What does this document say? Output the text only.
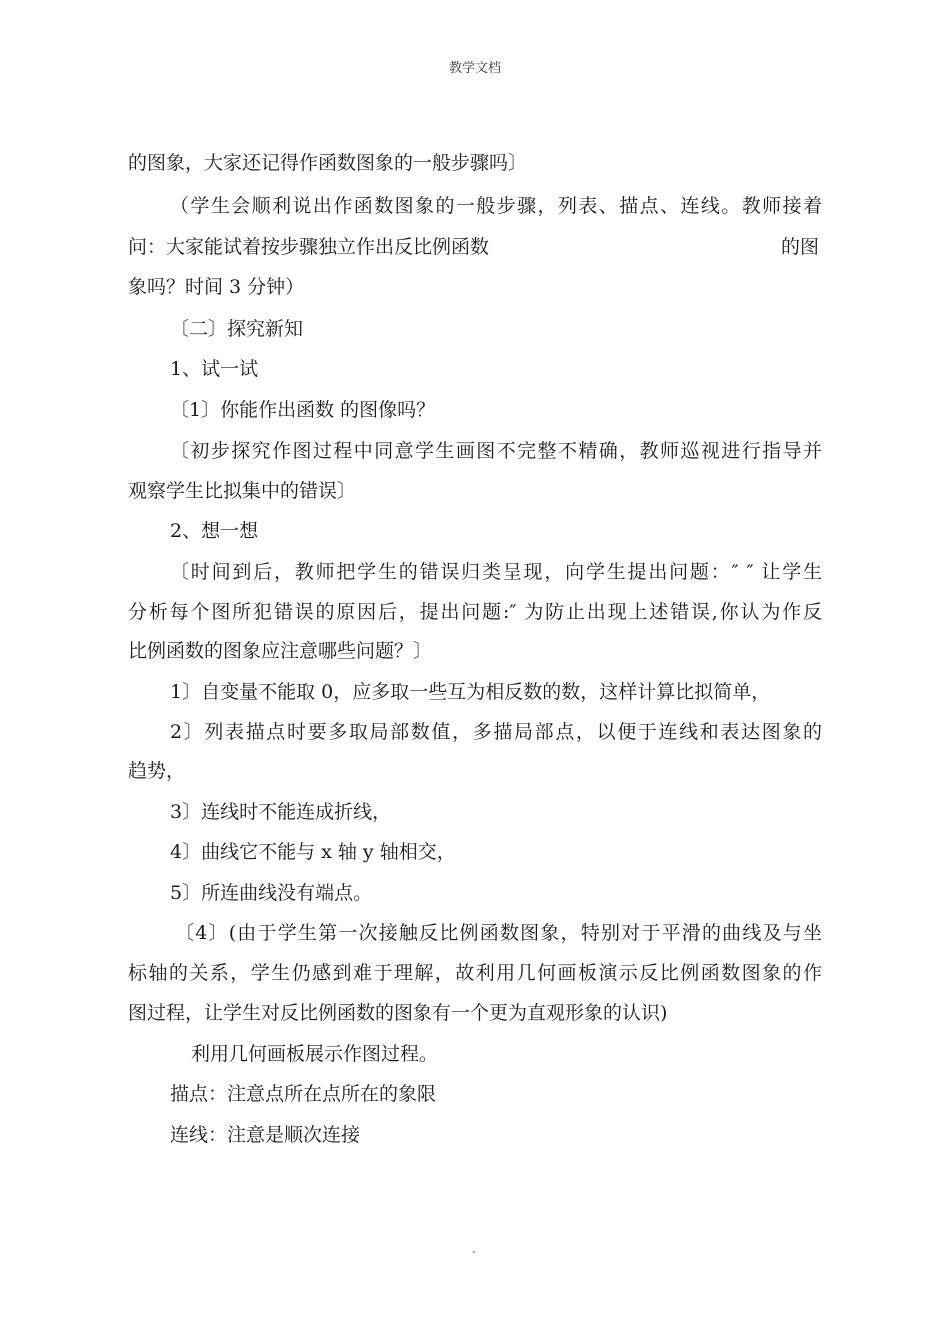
教学文档
的图象，大家还记得作函数图象的一般步骤吗〕
（学生会顺利说出作函数图象的一般步骤，列表、描点、连线。教师接着
问：大家能试着按步骤独立作出反比例函数	的图
象吗？时间 3 分钟）
〔二〕探究新知
1、试一试
〔1〕你能作出函数 的图像吗？
〔初步探究作图过程中同意学生画图不完整不精确，教师巡视进行指导并
观察学生比拟集中的错误〕
2、想一想
〔时间到后，教师把学生的错误归类呈现，向学生提出问题：″ ″ 让学生
分析每个图所犯错误的原因后，提出问题:″ 为防止出现上述错误,你认为作反
比例函数的图象应注意哪些问题？〕
1〕自变量不能取 0，应多取一些互为相反数的数，这样计算比拟简单，
2〕列表描点时要多取局部数值，多描局部点，以便于连线和表达图象的
趋势，
3〕连线时不能连成折线，
4〕曲线它不能与 x 轴 y 轴相交，
5〕所连曲线没有端点。
〔4〕(由于学生第一次接触反比例函数图象，特别对于平滑的曲线及与坐
标轴的关系，学生仍感到难于理解，故利用几何画板演示反比例函数图象的作
图过程，让学生对反比例函数的图象有一个更为直观形象的认识)
利用几何画板展示作图过程。
描点：注意点所在点所在的象限
连线：注意是顺次连接
.
